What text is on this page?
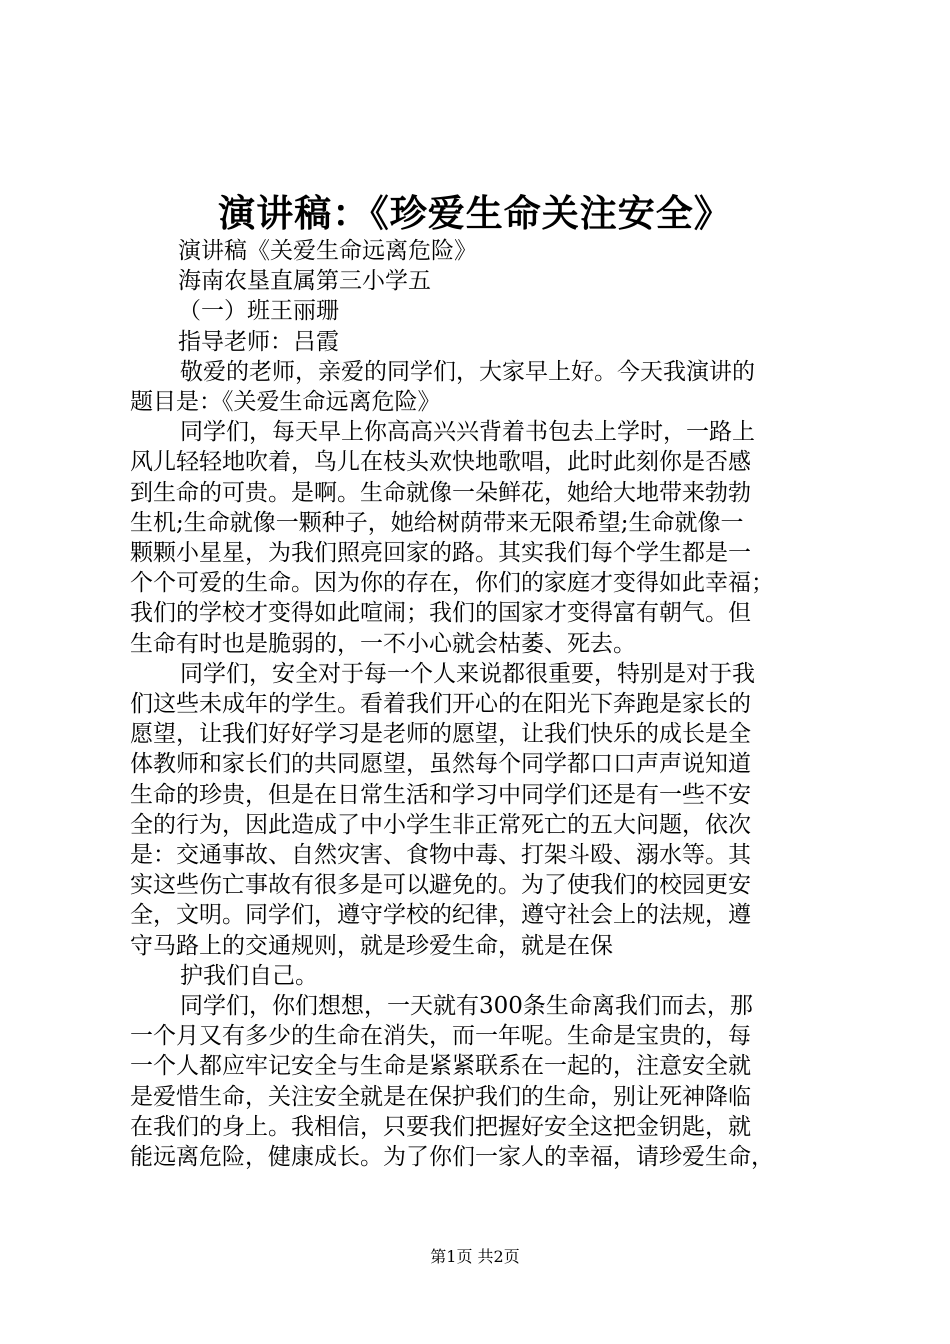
演讲稿：《珍爱生命关注安全》
演讲稿《关爱生命远离危险》
海南农垦直属第三小学五
（一）班王丽珊
指导老师：吕霞
敬爱的老师，亲爱的同学们，大家早上好。今天我演讲的
题目是：《关爱生命远离危险》
同学们，每天早上你高高兴兴背着书包去上学时，一路上
风儿轻轻地吹着，鸟儿在枝头欢快地歌唱，此时此刻你是否感
到生命的可贵。是啊。生命就像一朵鲜花，她给大地带来勃勃
生机;生命就像一颗种子，她给树荫带来无限希望;生命就像一
颗颗小星星，为我们照亮回家的路。其实我们每个学生都是一
个个可爱的生命。因为你的存在，你们的家庭才变得如此幸福；
我们的学校才变得如此喧闹；我们的国家才变得富有朝气。但
生命有时也是脆弱的，一不小心就会枯萎、死去。
同学们，安全对于每一个人来说都很重要，特别是对于我
们这些未成年的学生。看着我们开心的在阳光下奔跑是家长的
愿望，让我们好好学习是老师的愿望，让我们快乐的成长是全
体教师和家长们的共同愿望，虽然每个同学都口口声声说知道
生命的珍贵，但是在日常生活和学习中同学们还是有一些不安
全的行为，因此造成了中小学生非正常死亡的五大问题，依次
是：交通事故、自然灾害、食物中毒、打架斗殴、溺水等。其
实这些伤亡事故有很多是可以避免的。为了使我们的校园更安
全，文明。同学们，遵守学校的纪律，遵守社会上的法规，遵
守马路上的交通规则，就是珍爱生命，就是在保
护我们自己。
同学们，你们想想，一天就有300条生命离我们而去，那
一个月又有多少的生命在消失，而一年呢。生命是宝贵的，每
一个人都应牢记安全与生命是紧紧联系在一起的，注意安全就
是爱惜生命，关注安全就是在保护我们的生命，别让死神降临
在我们的身上。我相信，只要我们把握好安全这把金钥匙，就
能远离危险，健康成长。为了你们一家人的幸福，请珍爱生命，
第1页 共2页
